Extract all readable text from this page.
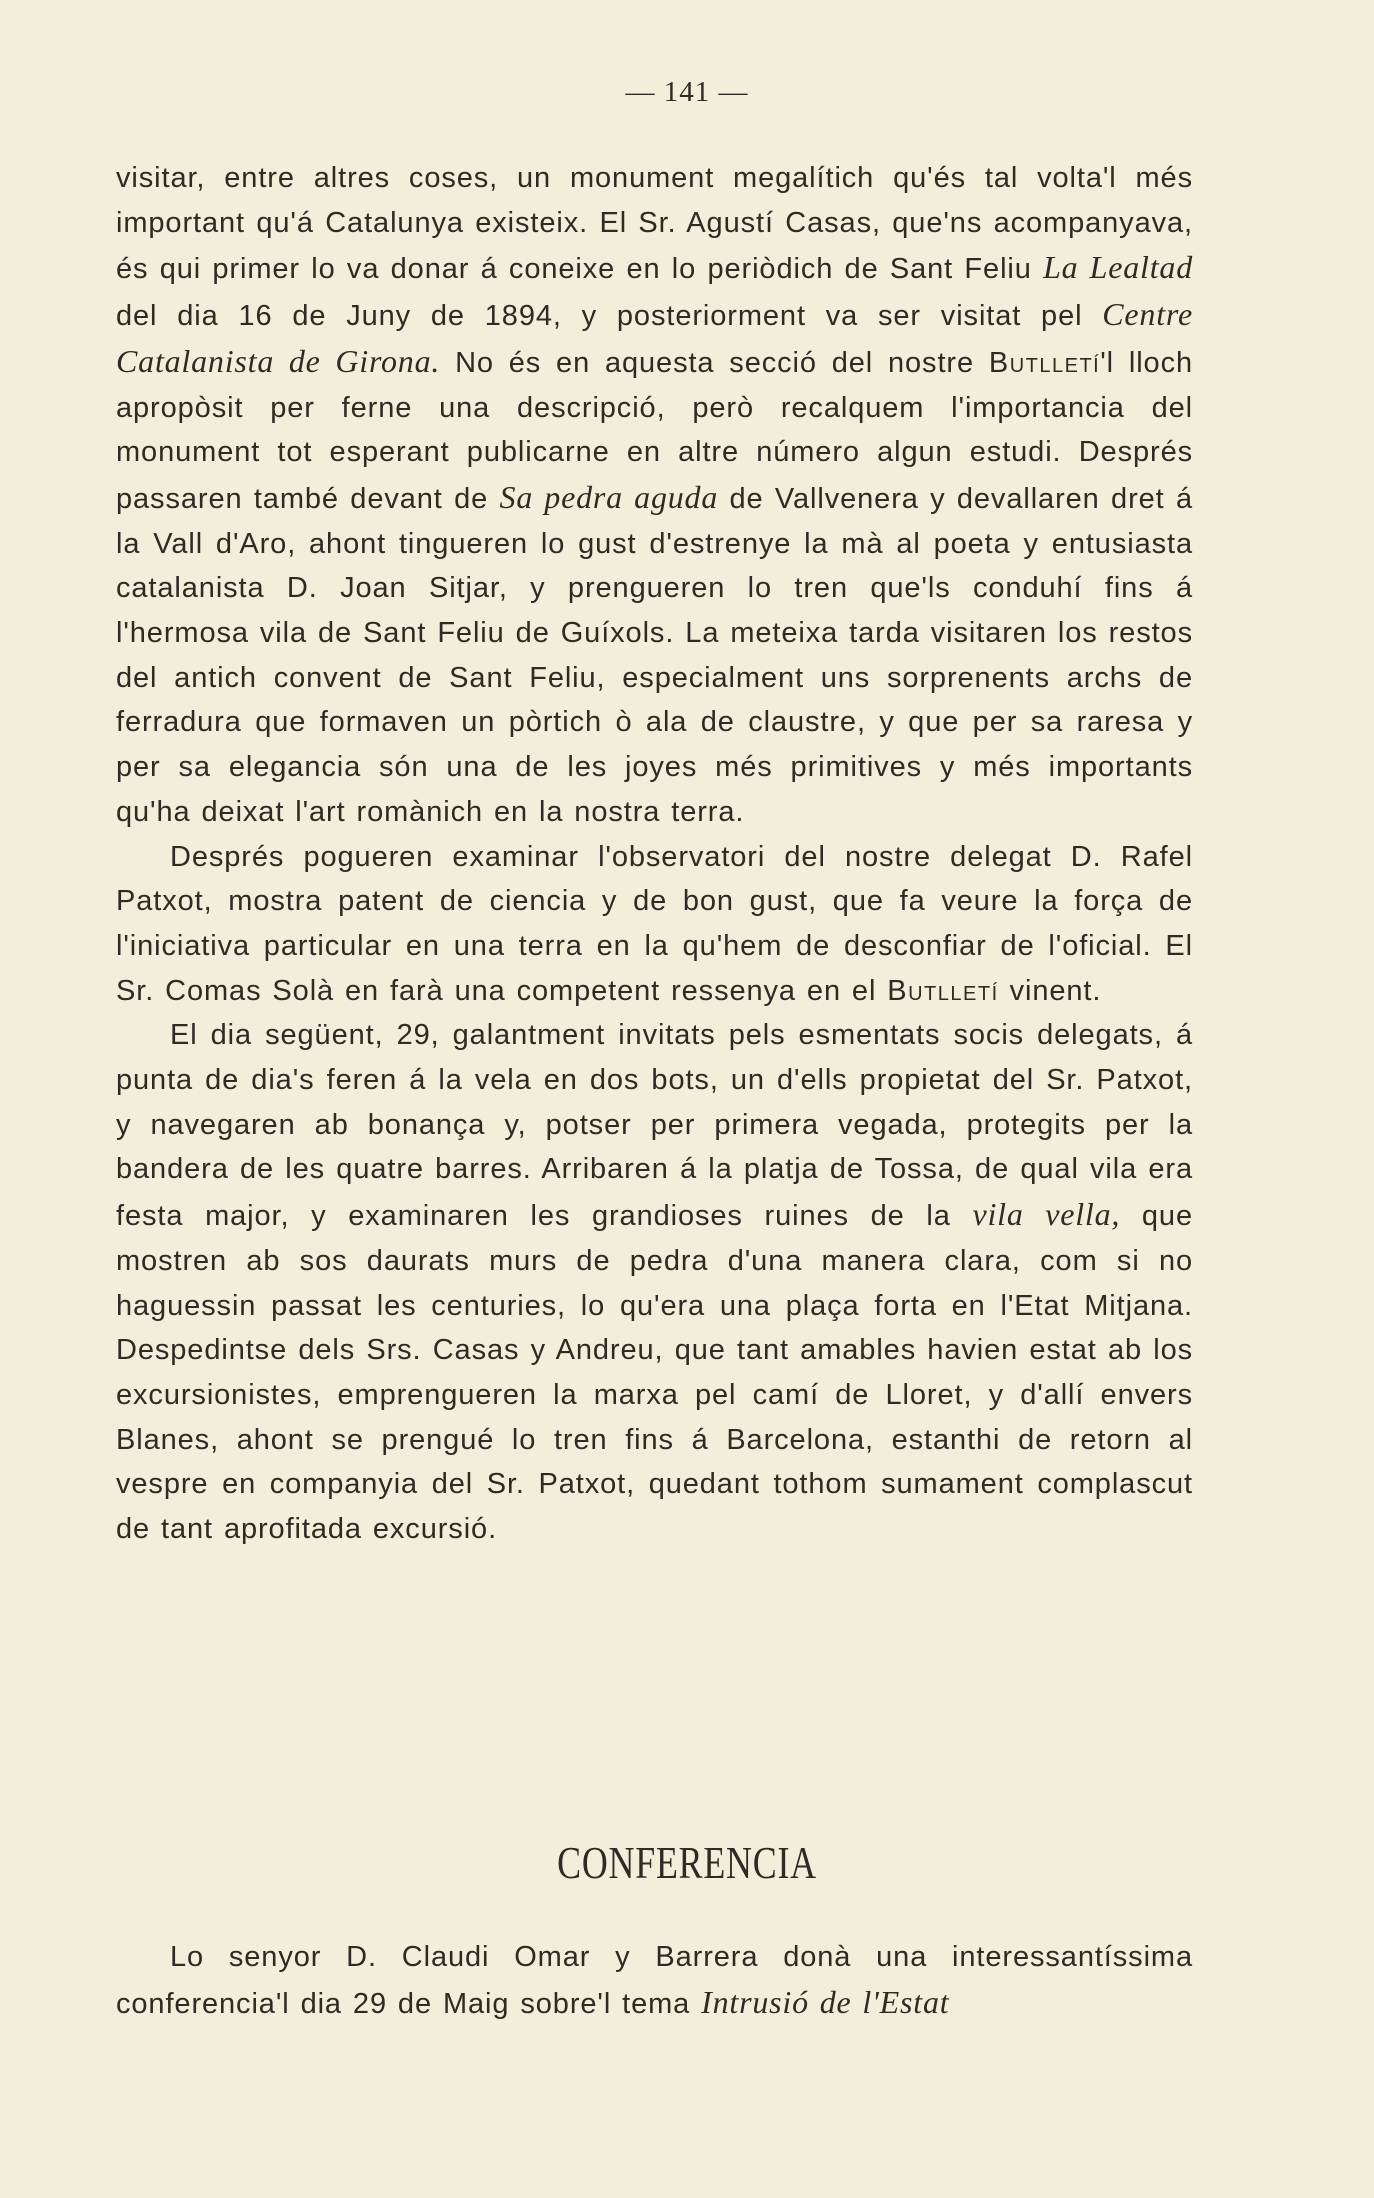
— 141 —

visitar, entre altres coses, un monument megalítich qu'és tal volta'l més important qu'á Catalunya existeix. El Sr. Agustí Casas, que'ns acompanyava, és qui primer lo va donar á coneixe en lo periòdich de Sant Feliu La Lealtad del dia 16 de Juny de 1894, y posteriorment va ser visitat pel Centre Catalanista de Girona. No és en aquesta secció del nostre Butlletí'l lloch apropòsit per ferne una descripció, però recalquem l'importancia del monument tot esperant publicarne en altre número algun estudi. Després passaren també devant de Sa pedra aguda de Vallvenera y devallaren dret á la Vall d'Aro, ahont tingueren lo gust d'estrenye la mà al poeta y entusiasta catalanista D. Joan Sitjar, y prengueren lo tren que'ls conduhí fins á l'hermosa vila de Sant Feliu de Guíxols. La meteixa tarda visitaren los restos del antich convent de Sant Feliu, especialment uns sorprenents archs de ferradura que formaven un pòrtich ò ala de claustre, y que per sa raresa y per sa elegancia són una de les joyes més primitives y més importants qu'ha deixat l'art romànich en la nostra terra.

Després pogueren examinar l'observatori del nostre delegat D. Rafel Patxot, mostra patent de ciencia y de bon gust, que fa veure la força de l'iniciativa particular en una terra en la qu'hem de desconfiar de l'oficial. El Sr. Comas Solà en farà una competent ressenya en el Butlletí vinent.

El dia següent, 29, galantment invitats pels esmentats socis delegats, á punta de dia's feren á la vela en dos bots, un d'ells propietat del Sr. Patxot, y navegaren ab bonança y, potser per primera vegada, protegits per la bandera de les quatre barres. Arribaren á la platja de Tossa, de qual vila era festa major, y examinaren les grandioses ruines de la vila vella, que mostren ab sos daurats murs de pedra d'una manera clara, com si no haguessin passat les centuries, lo qu'era una plaça forta en l'Etat Mitjana. Despedintse dels Srs. Casas y Andreu, que tant amables havien estat ab los excursionistes, emprengueren la marxa pel camí de Lloret, y d'allí envers Blanes, ahont se prengué lo tren fins á Barcelona, estanthi de retorn al vespre en companyia del Sr. Patxot, quedant tothom sumament complascut de tant aprofitada excursió.

CONFERENCIA

Lo senyor D. Claudi Omar y Barrera donà una interessantíssima conferencia'l dia 29 de Maig sobre'l tema Intrusió de l'Estat
